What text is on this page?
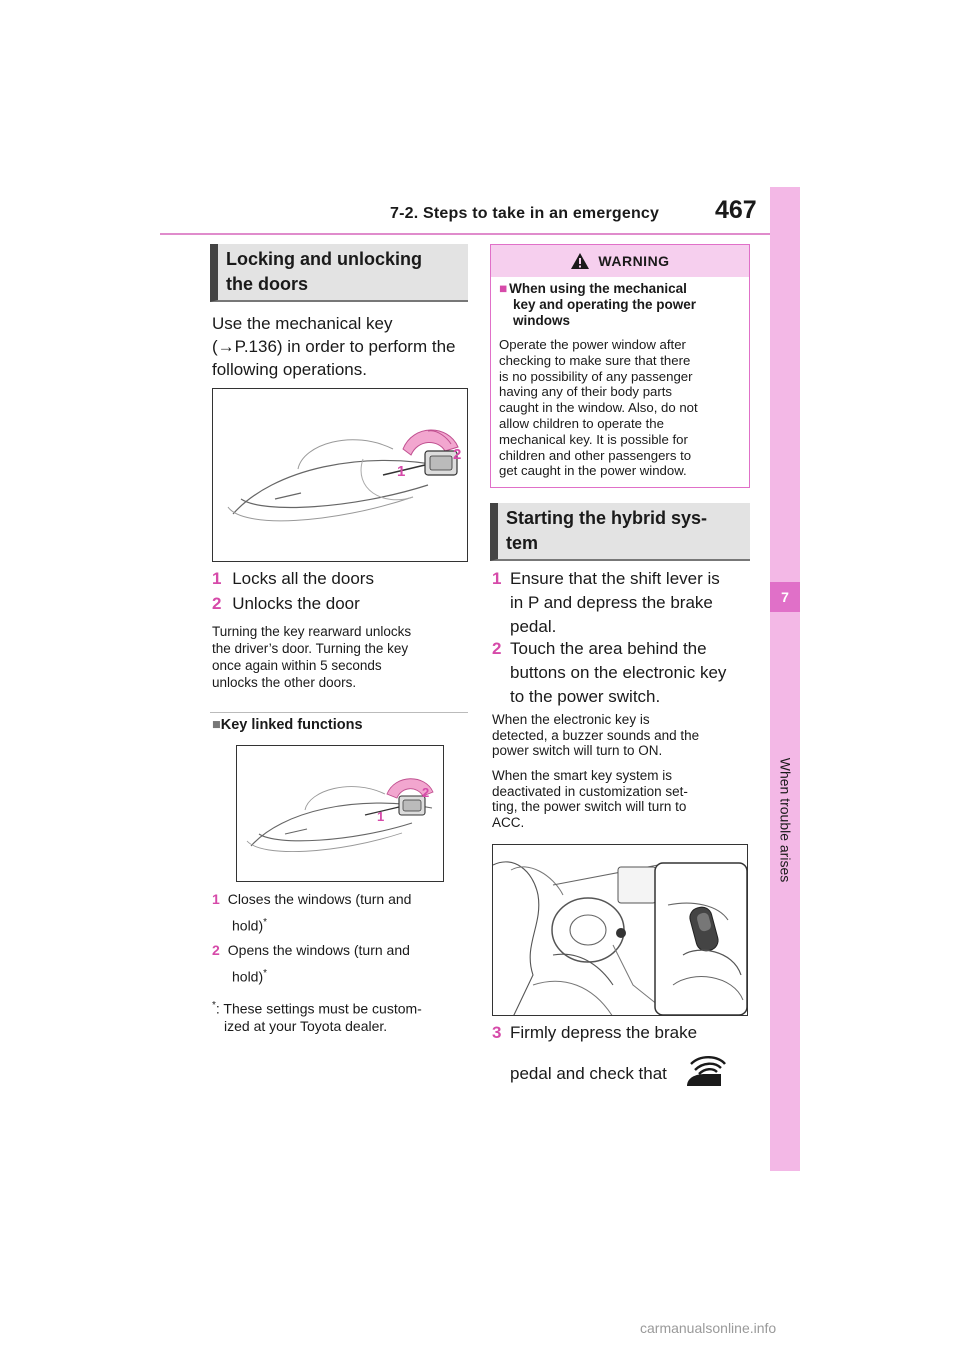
7-2. Steps to take in an emergency 467
7
When trouble arises
Locking and unlocking
the doors
Use the mechanical key
(→P.136) in order to perform the
following operations.
1
2
1 Locks all the doors
2 Unlocks the door
Turning the key rearward unlocks
the driver’s door. Turning the key
once again within 5 seconds
unlocks the other doors.
■Key linked functions
1
2
1 Closes the windows (turn and
hold)*
2 Opens the windows (turn and
hold)*
*: These settings must be custom-
ized at your Toyota dealer.
WARNING
■ When using the mechanical
key and operating the power
windows
Operate the power window after
checking to make sure that there
is no possibility of any passenger
having any of their body parts
caught in the window. Also, do not
allow children to operate the
mechanical key. It is possible for
children and other passengers to
get caught in the power window.
Starting the hybrid sys-
tem
1 Ensure that the shift lever is
in P and depress the brake
pedal.
2 Touch the area behind the
buttons on the electronic key
to the power switch.
When the electronic key is
detected, a buzzer sounds and the
power switch will turn to ON.
When the smart key system is
deactivated in customization set-
ting, the power switch will turn to
ACC.
3 Firmly depress the brake
pedal and check that
carmanualsonline.info
